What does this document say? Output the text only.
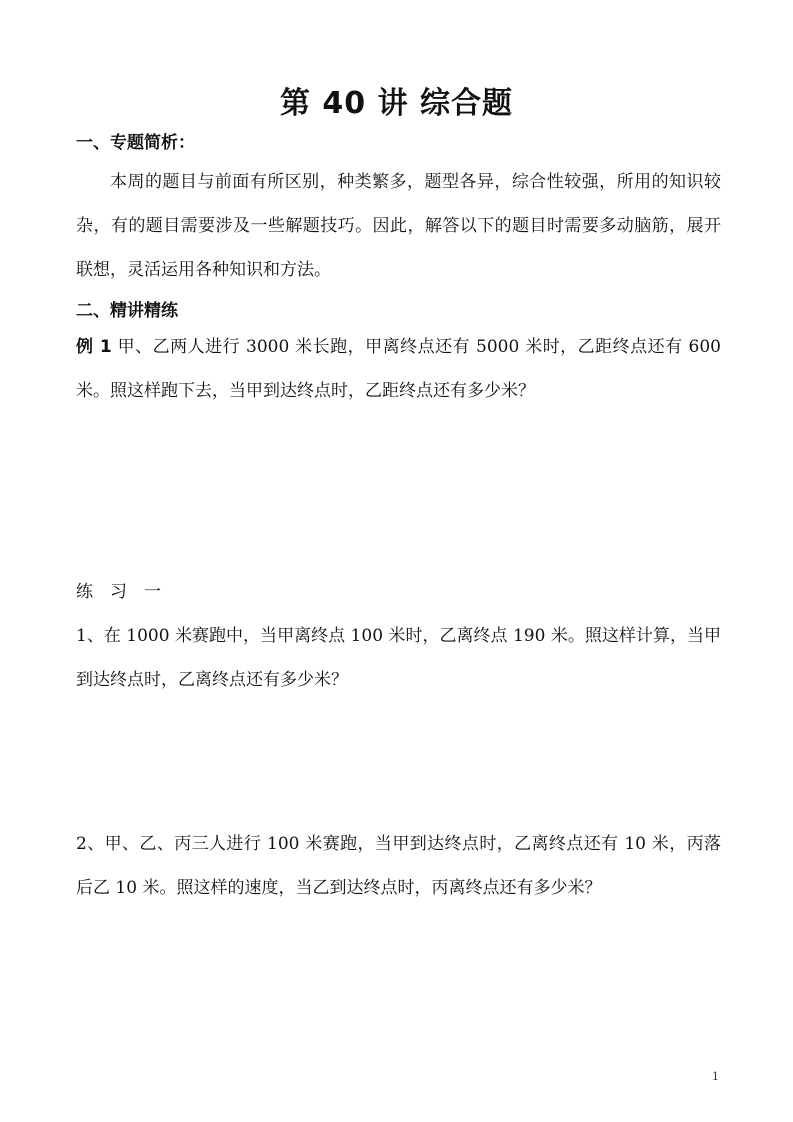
第 40 讲 综合题
一、专题简析：
本周的题目与前面有所区别，种类繁多，题型各异，综合性较强，所用的知识较杂，有的题目需要涉及一些解题技巧。因此，解答以下的题目时需要多动脑筋，展开联想，灵活运用各种知识和方法。
二、精讲精练
例 1 甲、乙两人进行 3000 米长跑，甲离终点还有 5000 米时，乙距终点还有 600 米。照这样跑下去，当甲到达终点时，乙距终点还有多少米？
练　习　一
1、在 1000 米赛跑中，当甲离终点 100 米时，乙离终点 190 米。照这样计算，当甲到达终点时，乙离终点还有多少米？
2、甲、乙、丙三人进行 100 米赛跑，当甲到达终点时，乙离终点还有 10 米，丙落后乙 10 米。照这样的速度，当乙到达终点时，丙离终点还有多少米？
1
